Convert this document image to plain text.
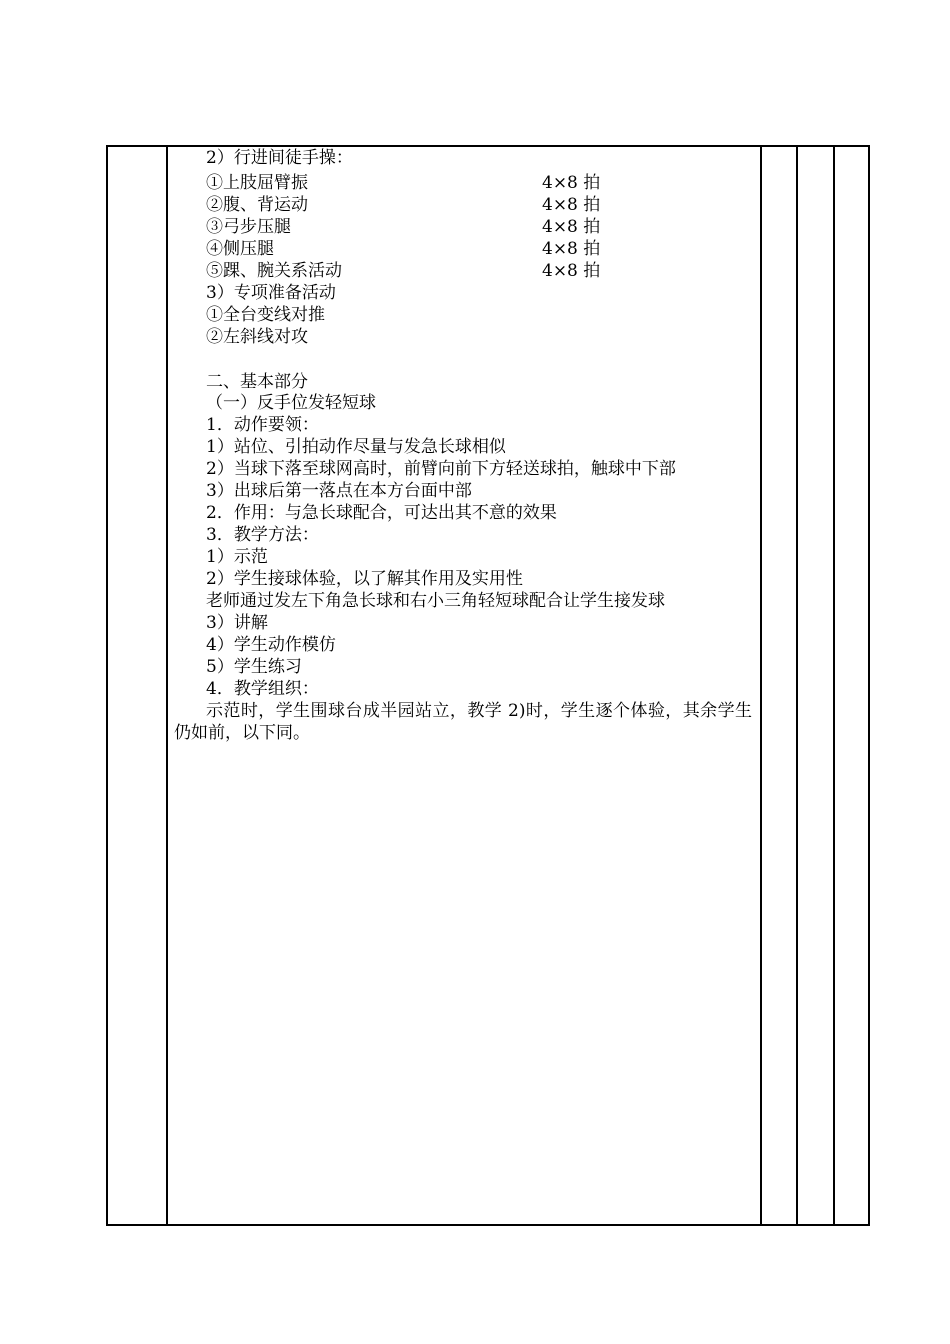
2）行进间徒手操：
①上肢屈臂振	4×8 拍
②腹、背运动	4×8 拍
③弓步压腿	4×8 拍
④侧压腿	4×8 拍
⑤踝、腕关系活动	4×8 拍
3）专项准备活动
①全台变线对推
②左斜线对攻
二、基本部分
（一）反手位发轻短球
1．动作要领：
1）站位、引拍动作尽量与发急长球相似
2）当球下落至球网高时，前臂向前下方轻送球拍，触球中下部
3）出球后第一落点在本方台面中部
2．作用：与急长球配合，可达出其不意的效果
3．教学方法：
1）示范
2）学生接球体验，以了解其作用及实用性
老师通过发左下角急长球和右小三角轻短球配合让学生接发球
3）讲解
4）学生动作模仿
5）学生练习
4．教学组织：
示范时，学生围球台成半园站立，教学 2)时，学生逐个体验，其余学生仍如前，以下同。
